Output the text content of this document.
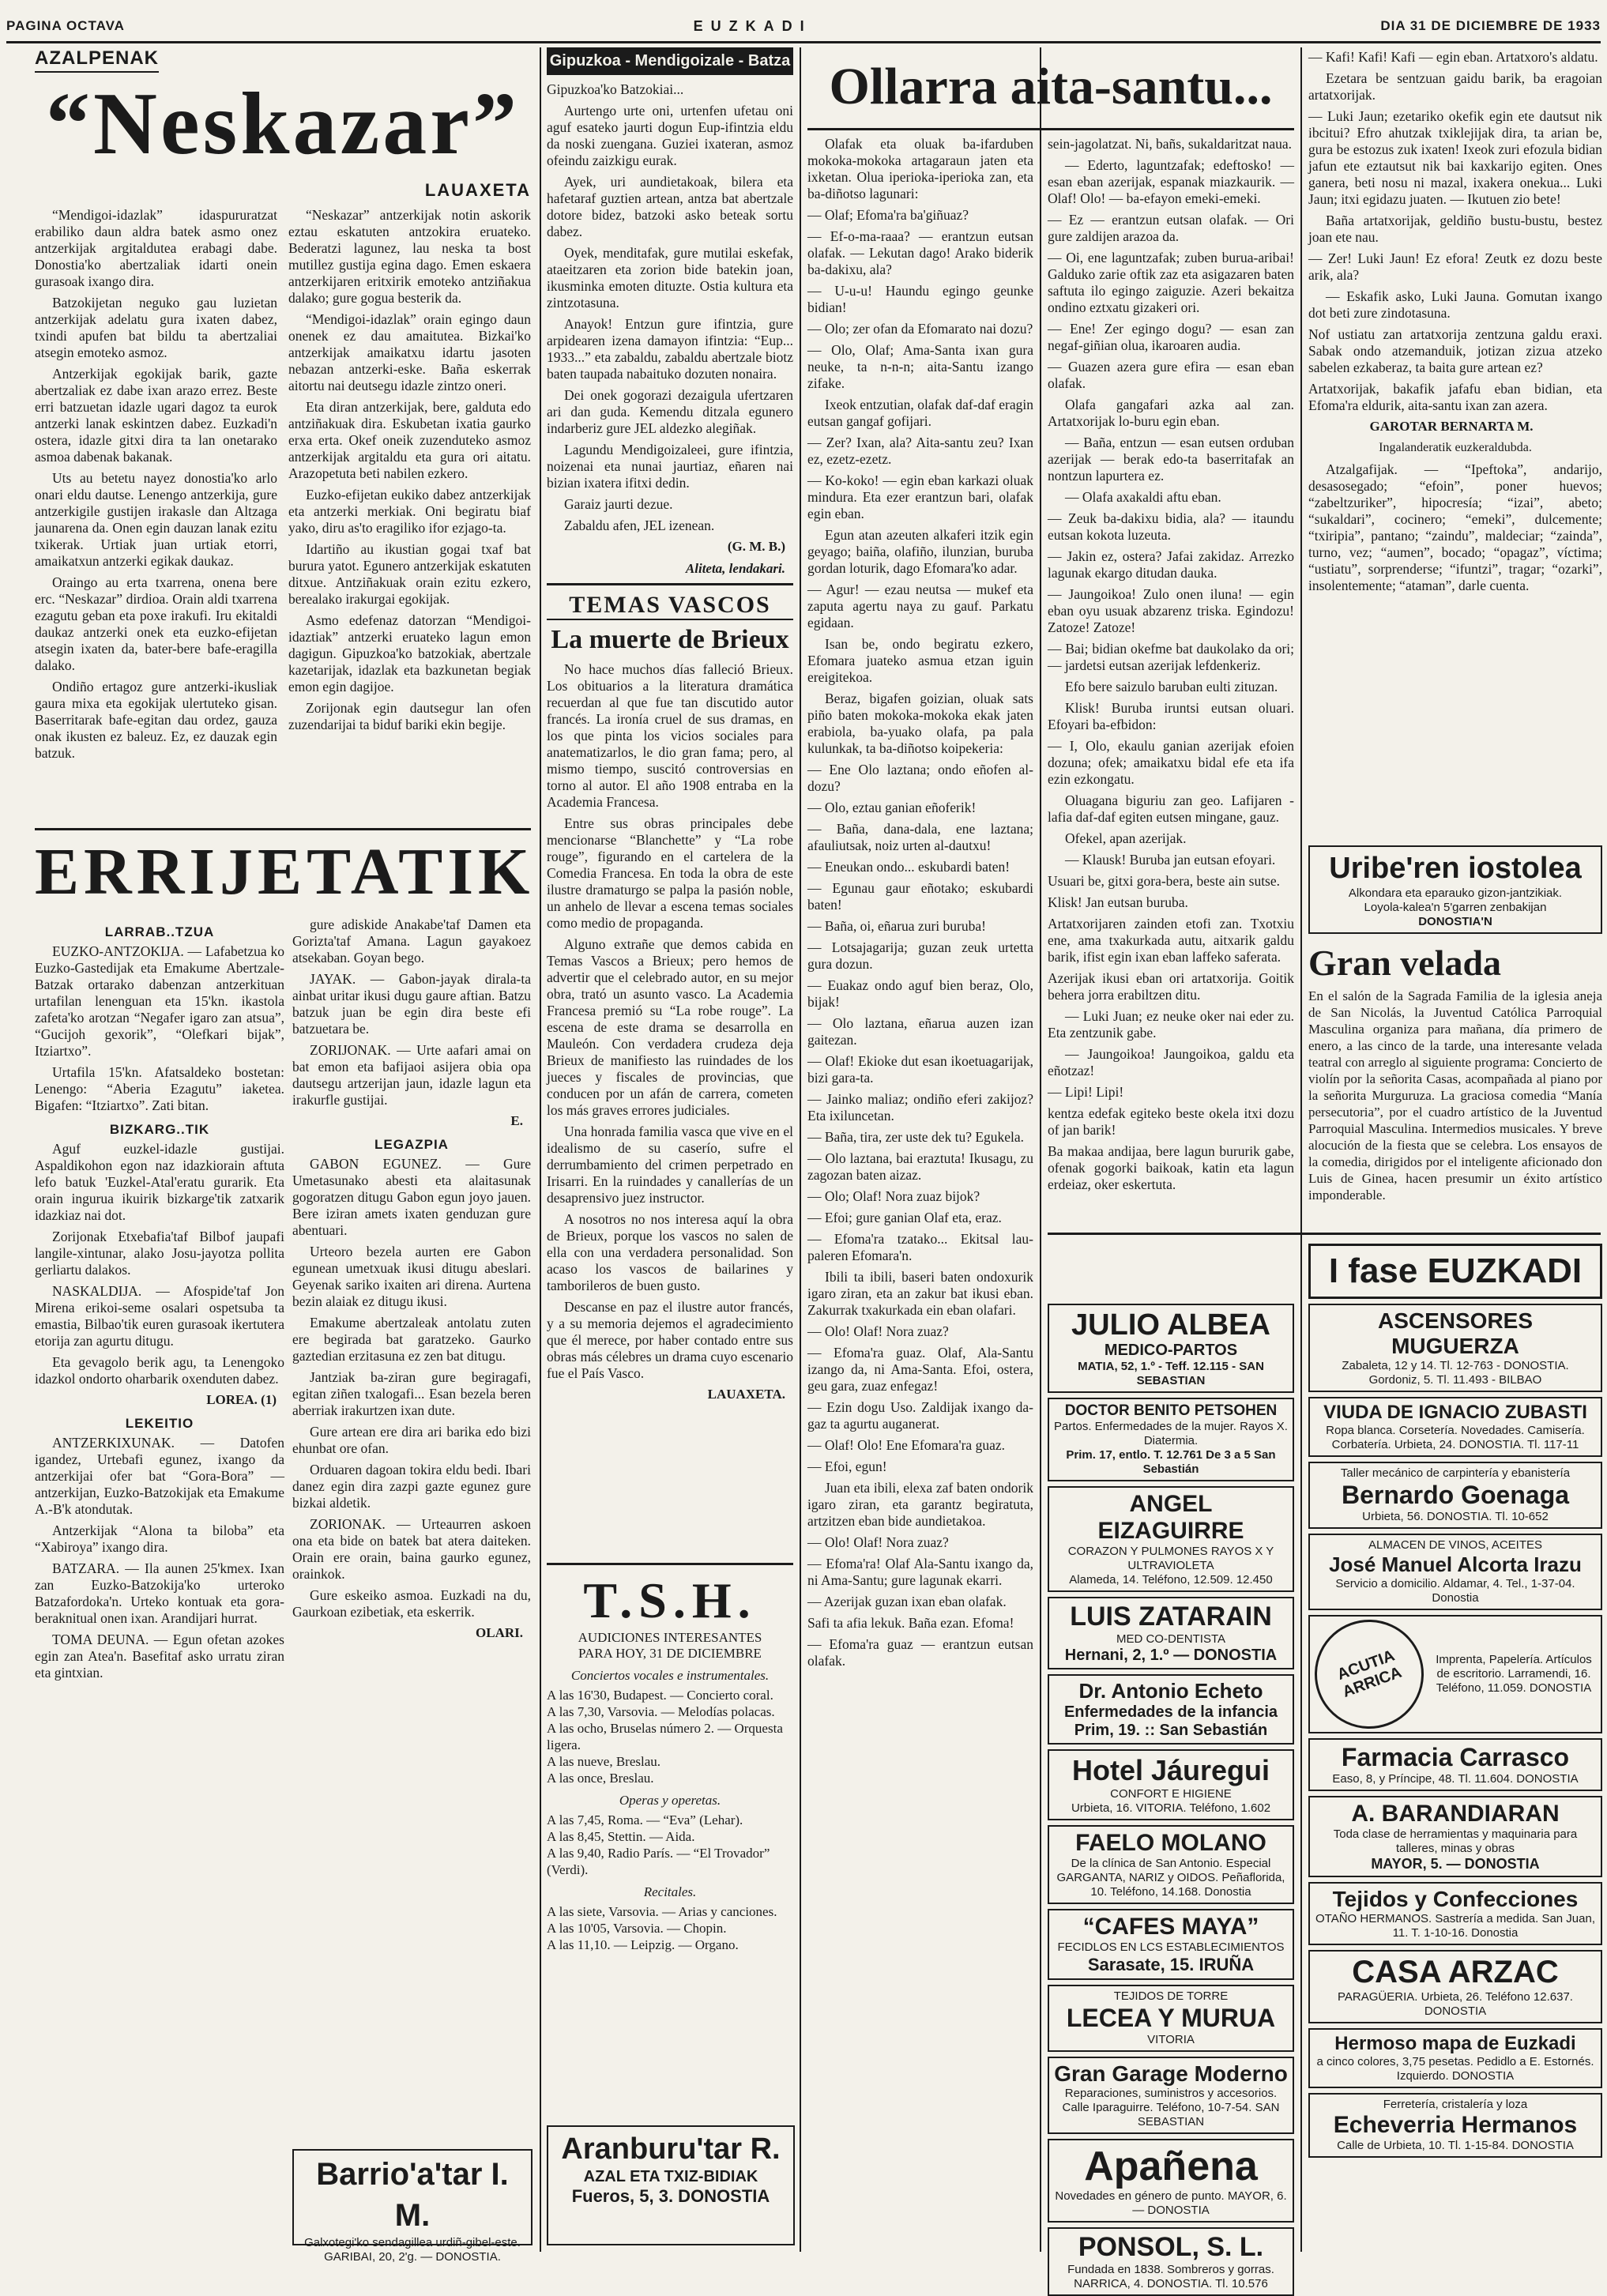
PAGINA OCTAVA	EUZKADI	DIA 31 DE DICIEMBRE DE 1933
AZALPENAK
“Neskazar”
LAUAXETA

“Mendigoi-idazlak” idaspururatzat erabiliko daun aldra batek asmo onez antzerkijak argitaldutea erabagi dabe. Donostia'ko abertzaliak idarti onein gurasoak ixango dira.

Batzokijetan neguko gau luzietan antzerkijak adelatu gura ixaten dabez, txindi apufen bat bildu ta abertzaliai atsegin emoteko asmoz.

Antzerkijak egokijak barik, gazte abertzaliak ez dabe ixan arazo errez. Beste erri batzuetan idazle ugari dagoz ta eurok antzerki lanak eskintzen dabez. Euzkadi'n ostera, idazle gitxi dira ta lan onetarako asmoa dabenak bakanak.

Uts au betetu nayez donostia'ko arlo onari eldu dautse. Lenengo antzerkija, gure antzerkigile gustijen irakasle dan Altzaga jaunarena da. Onen egin dauzan lanak ezitu txikerak. Urtiak juan urtiak etorri, amaikatxun antzerki egikak daukaz.

Oraingo au erta txarrena, onena bere erc. “Neskazar” dirdioa. Orain aldi txarrena ezagutu geban eta poxe irakufi. Iru ekitaldi daukaz antzerki onek eta euzko-efijetan atsegin ixaten da, bater-bere bafe-eragilla dalako.

Ondiño ertagoz gure antzerki-ikusliak gaura mixa eta egokijak ulertuteko gisan. Baserritarak bafe-egitan dau ordez, gauza onak ikusten ez baleuz. Ez, ez dauzak egin batzuk.

“Neskazar” antzerkijak notin askorik eztau eskatuten antzokira eruateko. Bederatzi lagunez, lau neska ta bost mutillez gustija egina dago. Emen eskaera antzerkijaren eritxirik emoteko antziñakua dalako; gure gogua besterik da.

“Mendigoi-idazlak” orain egingo daun onenek ez dau amaitutea. Bizkai'ko antzerkijak amaikatxu idartu jasoten nebazan antzerki-eske. Baña eskerrak aitortu nai deutsegu idazle zintzo oneri.

Eta diran antzerkijak, bere, galduta edo antziñakuak dira. Eskubetan ixatia gaurko erxa erta. Okef oneik zuzenduteko asmoz antzerkijak argitaldu eta gura ori aitatu. Arazopetuta beti nabilen ezkero.

Euzko-efijetan eukiko dabez antzerkijak eta antzerki merkiak. Oni begiratu biaf yako, diru as'to eragiliko ifor ezjago-ta.

Idartiño au ikustian gogai txaf bat burura yatot. Egunero antzerkijak eskatuten ditxue. Antziñakuak orain ezitu ezkero, berealako irakurgai egokijak.

Asmo edefenaz datorzan “Mendigoi-idaztiak” antzerki eruateko lagun emon dagigun. Gipuzkoa'ko batzokiak, abertzale kazetarijak, idazlak eta bazkunetan begiak emon egin dagijoe.

Zorijonak egin dautsegur lan ofen zuzendarijai ta biduf bariki ekin begije.

ERRIJETATIK
LARRAB..TZUA

EUZKO-ANTZOKIJA. — Lafabetzua ko Euzko-Gastedijak eta Emakume Abertzale-Batzak ortarako dabenzan antzerkituan urtafilan lenenguan eta 15'kn. ikastola zafeta'ko arotzan “Negafer igaro zan atsua”, “Gucijoh gexorik”, “Olefkari bijak”, Itziartxo”.

Urtafila 15'kn. Afatsaldeko bostetan: Lenengo: “Aberia Ezagutu” iaketea. Bigafen: “Itziartxo”. Zati bitan.

BIZKARG..TIK

Aguf euzkel-idazle gustijai. Aspaldikohon egon naz idazkiorain aftuta lefo batuk 'Euzkel-Atal'eratu gurarik. Eta orain ingurua ikuirik bizkarge'tik zatxarik idazkiaz nai dot.

Zorijonak Etxebafia'taf Bilbof jaupafi langile-xintunar, alako Josu-jayotza pollita gerliartu dalakos.

NASKALDIJA. — Afospide'taf Jon Mirena erikoi-seme osalari ospetsuba ta emastia, Bilbao'tik euren gurasoak ikertutera etorija zan agurtu ditugu.

Eta gevagolo berik agu, ta Lenengoko idazkol ondorto oharbarik oxenduten dabez.

LOREA. (1)
LEKEITIO

ANTZERKIXUNAK. — Datofen igandez, Urtebafi egunez, ixango da antzerkijai ofer bat “Gora-Bora” — antzerkijan, Euzko-Batzokijak eta Emakume A.-B'k atondutak.

Antzerkijak “Alona ta biloba” eta “Xabiroya” ixango dira.

BATZARA. — Ila aunen 25'kmex. Ixan zan Euzko-Batzokija'ko urteroko Batzafordoka'n. Urteko kontuak eta gora-beraknitual onen ixan. Arandijari hurrat.

TOMA DEUNA. — Egun ofetan azokes egin zan Atea'n. Basefitaf asko urratu ziran eta gintxian.

gure adiskide Anakabe'taf Damen eta Gorizta'taf Amana. Lagun gayakoez atsekaban. Goyan bego.

JAYAK. — Gabon-jayak dirala-ta ainbat uritar ikusi dugu gaure aftian. Batzu batzuk juan be egin dira beste efi batzuetara be.

ZORIJONAK. — Urte aafari amai on bat emon eta bafijaoi asijera obia opa dautsegu artzerijan jaun, idazle lagun eta irakurfle gustijai.

E.
LEGAZPIA

GABON EGUNEZ. — Gure Umetasunako abesti eta alaitasunak gogoratzen ditugu Gabon egun joyo jauen. Bere iziran amets ixaten genduzan gure abentuari.

Urteoro bezela aurten ere Gabon egunean umetxuak ikusi ditugu abeslari. Geyenak sariko ixaiten ari direna. Aurtena bezin alaiak ez ditugu ikusi.

Emakume abertzaleak antolatu zuten ere begirada bat garatzeko. Gaurko gaztedian erzitasuna ez zen bat ditugu.

Jantziak ba-ziran gure begiragafi, egitan ziñen txalogafi... Esan bezela beren aberriak irakurtzen ixan dute.

Gure artean ere dira ari barika edo bizi ehunbat ore ofan.

Orduaren dagoan tokira eldu bedi. Ibari danez egin dira zazpi gazte egunez gure bizkai aldetik.

ZORIONAK. — Urteaurren askoen ona eta bide on batek bat atera daiteken. Orain ere orain, baina gaurko egunez, orainkok.

Gure eskeiko asmoa. Euzkadi na du, Gaurkoan ezibetiak, eta eskerrik.

OLARI.
Barrio'a'tar I. M.
Galxotegi'ko sendagillea urdiñ-gibel-este. GARIBAI, 20, 2'g. — DONOSTIA.
Gipuzkoa - Mendigoizale - Batza

Gipuzkoa'ko Batzokiai...

Aurtengo urte oni, urtenfen ufetau oni aguf esateko jaurti dogun Eup-ifintzia eldu da noski zuengana. Guziei ixateran, asmoz ofeindu zaizkigu eurak.

Ayek, uri aundietakoak, bilera eta hafetaraf guztien artean, antza bat abertzale dotore bidez, batzoki asko beteak sortu dabez.

Oyek, menditafak, gure mutilai eskefak, ataeitzaren eta zorion bide batekin joan, ikusminka emoten dituzte. Ostia kultura eta zintzotasuna.

Anayok! Entzun gure ifintzia, gure arpidearen izena damayon ifintzia: “Eup... 1933...” eta zabaldu, zabaldu abertzale biotz baten taupada nabaituko dozuten nonaira.

Dei onek gogorazi dezaigula ufertzaren ari dan guda. Kemendu ditzala egunero indarberiz gure JEL aldezko alegiñak.

Lagundu Mendigoizaleei, gure ifintzia, noizenai eta nunai jaurtiaz, eñaren nai bizian ixatera ifitxi dedin.

Garaiz jaurti dezue.

Zabaldu afen, JEL izenean.

(G. M. B.)
Aliteta, lendakari.
TEMAS VASCOS
La muerte de Brieux

No hace muchos días falleció Brieux. Los obituarios a la literatura dramática recuerdan al que fue tan discutido autor francés. La ironía cruel de sus dramas, en los que pinta los vicios sociales para anatematizarlos, le dio gran fama; pero, al mismo tiempo, suscitó controversias en torno al autor. El año 1908 entraba en la Academia Francesa.

Entre sus obras principales debe mencionarse “Blanchette” y “La robe rouge”, figurando en el cartelera de la Comedia Francesa. En toda la obra de este ilustre dramaturgo se palpa la pasión noble, un anhelo de llevar a escena temas sociales como medio de propaganda.

Alguno extrañe que demos cabida en Temas Vascos a Brieux; pero hemos de advertir que el celebrado autor, en su mejor obra, trató un asunto vasco. La Academia Francesa premió su “La robe rouge”. La escena de este drama se desarrolla en Mauleón. Con verdadera crudeza deja Brieux de manifiesto las ruindades de los jueces y fiscales de provincias, que conducen por un afán de carrera, cometen los más graves errores judiciales.

Una honrada familia vasca que vive en el idealismo de su caserío, sufre el derrumbamiento del crimen perpetrado en Irisarri. En la ruindades y canallerías de un desaprensivo juez instructor.

A nosotros no nos interesa aquí la obra de Brieux, porque los vascos no salen de ella con una verdadera personalidad. Son acaso los vascos de bailarines y tamborileros de buen gusto.

Descanse en paz el ilustre autor francés, y a su memoria dejemos el agradecimiento que él merece, por haber contado entre sus obras más célebres un drama cuyo escenario fue el País Vasco.

LAUAXETA.
T.S.H.
AUDICIONES INTERESANTES
PARA HOY, 31 DE DICIEMBRE
Conciertos vocales e instrumentales.
A las 16'30, Budapest. — Concierto coral.
A las 7,30, Varsovia. — Melodías polacas.
A las ocho, Bruselas número 2. — Orquesta ligera.
A las nueve, Breslau.
A las once, Breslau.
Operas y operetas.
A las 7,45, Roma. — “Eva” (Lehar).
A las 8,45, Stettin. — Aida.
A las 9,40, Radio París. — “El Trovador” (Verdi).
Recitales.
A las siete, Varsovia. — Arias y canciones.
A las 10'05, Varsovia. — Chopin.
A las 11,10. — Leipzig. — Organo.
Aranburu'tar R.
AZAL ETA TXIZ-BIDIAK
Fueros, 5, 3. DONOSTIA
Ollarra aita-santu...

Olafak eta oluak ba-ifarduben mokoka-mokoka artagaraun jaten eta ixketan. Olua iperioka-iperioka zan, eta ba-diñotso lagunari:

— Olaf; Efoma'ra ba'giñuaz?

— Ef-o-ma-raaa? — erantzun eutsan olafak. — Lekutan dago! Arako biderik ba-dakixu, ala?

— U-u-u! Haundu egingo geunke bidian!

— Olo; zer ofan da Efomarato nai dozu?

— Olo, Olaf; Ama-Santa ixan gura neuke, ta n-n-n; aita-Santu izango zifake.

Ixeok entzutian, olafak daf-daf eragin eutsan gangaf gofijari.

— Zer? Ixan, ala? Aita-santu zeu? Ixan ez, ezetz-ezetz.

— Ko-koko! — egin eban karkazi oluak mindura. Eta ezer erantzun bari, olafak egin eban.

Egun atan azeuten alkaferi itzik egin geyago; baiña, olafiño, ilunzian, buruba gordan loturik, dago Efomara'ko adar.

— Agur! — ezau neutsa — mukef eta zaputa agertu naya zu gauf. Parkatu egidaan.

Isan be, ondo begiratu ezkero, Efomara juateko asmua etzan iguin ereigitekoa.

Beraz, bigafen goizian, oluak sats piño baten mokoka-mokoka ekak jaten erabiola, ba-yuako olafa, pa pala kulunkak, ta ba-diñotso koipekeria:

— Ene Olo laztana; ondo eñofen al-dozu?

— Olo, eztau ganian eñoferik!

— Baña, dana-dala, ene laztana; afauliutsak, noiz urten al-dautxu!

— Eneukan ondo... eskubardi baten!

— Egunau gaur eñotako; eskubardi baten!

— Baña, oi, eñarua zuri buruba!

— Lotsajagarija; guzan zeuk urtetta gura dozun.

— Euakaz ondo aguf bien beraz, Olo, bijak!

— Olo laztana, eñarua auzen izan gaitezan.

— Olaf! Ekioke dut esan ikoetuagarijak, bizi gara-ta.

— Jainko maliaz; ondiño eferi zakijoz? Eta ixiluncetan.

— Baña, tira, zer uste dek tu? Egukela.

— Olo laztana, bai eraztuta! Ikusagu, zu zagozan baten aizaz.

— Olo; Olaf! Nora zuaz bijok?

— Efoi; gure ganian Olaf eta, eraz.

— Efoma'ra tzatako... Ekitsal lau-paleren Efomara'n.

Ibili ta ibili, baseri baten ondoxurik igaro ziran, eta an zakur bat ikusi eban. Zakurrak txakurkada ein eban olafari.

— Olo! Olaf! Nora zuaz?

— Efoma'ra guaz. Olaf, Ala-Santu izango da, ni Ama-Santa. Efoi, ostera, geu gara, zuaz enfegaz!

— Ezin dogu Uso. Zaldijak ixango da-gaz ta agurtu auganerat.

— Olaf! Olo! Ene Efomara'ra guaz.

— Efoi, egun!

Juan eta ibili, elexa zaf baten ondorik igaro ziran, eta garantz begiratuta, artzitzen eban bide aundietakoa.

— Olo! Olaf! Nora zuaz?

— Efoma'ra! Olaf Ala-Santu ixango da, ni Ama-Santu; gure lagunak ekarri.

— Azerijak guzan ixan eban olafak.

Safi ta afia lekuk. Baña ezan. Efoma!

— Efoma'ra guaz — erantzun eutsan olafak.

sein-jagolatzat. Ni, bañs, sukaldaritzat naua.

— Ederto, laguntzafak; edeftosko! — esan eban azerijak, espanak miazkaurik. — Olaf! Olo! — ba-efayon emeki-emeki.

— Ez — erantzun eutsan olafak. — Ori gure zaldijen arazoa da.

— Oi, ene laguntzafak; zuben burua-aribai! Galduko zarie oftik zaz eta asigazaren baten saftuta ilo egingo zaiguzie. Azeri bekaitza ondino eztxatu gizakeri ori.

— Ene! Zer egingo dogu? — esan zan negaf-giñian olua, ikaroaren audia.

— Guazen azera gure efira — esan eban olafak.

Olafa gangafari azka aal zan. Artatxorijak lo-buru egin eban.

— Baña, entzun — esan eutsen orduban azerijak — berak edo-ta baserritafak an nontzun lapurtera ez.

— Olafa axakaldi aftu eban.

— Zeuk ba-dakixu bidia, ala? — itaundu eutsan kokota luzeuta.

— Jakin ez, ostera? Jafai zakidaz. Arrezko lagunak ekargo ditudan dauka.

— Jaungoikoa! Zulo onen iluna! — egin eban oyu usuak abzarenz triska. Egindozu! Zatoze! Zatoze!

— Bai; bidian okefme bat daukolako da ori; — jardetsi eutsan azerijak lefdenkeriz.

Efo bere saizulo baruban eulti zituzan.

Klisk! Buruba iruntsi eutsan oluari. Efoyari ba-efbidon:

— I, Olo, ekaulu ganian azerijak efoien dozuna; ofek; amaikatxu bidal efe eta ifa ezin ezkongatu.

Oluagana biguriu zan geo. Lafijaren -lafia daf-daf egiten eutsen mingane, gauz.

Ofekel, apan azerijak.

— Klausk! Buruba jan eutsan efoyari.

Usuari be, gitxi gora-bera, beste ain sutse.

Klisk! Jan eutsan buruba.

Artatxorijaren zainden etofi zan. Txotxiu ene, ama txakurkada autu, aitxarik galdu barik, ifist egin ixan eban laffeko saferata.

Azerijak ikusi eban ori artatxorija. Goitik behera jorra erabiltzen ditu.

— Luki Juan; ez neuke oker nai eder zu. Eta zentzunik gabe.

— Jaungoikoa! Jaungoikoa, galdu eta eñotzaz!

— Lipi! Lipi!

kentza edefak egiteko beste okela itxi dozu of jan barik!

Ba makaa andijaa, bere lagun bururik gabe, ofenak gogorki baikoak, katin eta lagun erdeiaz, oker eskertuta.

— Kafi! Kafi! Kafi — egin eban. Artatxoro's aldatu.

Ezetara be sentzuan gaidu barik, ba eragoian artatxorijak.

— Luki Jaun; ezetariko okefik egin ete dautsut nik ibcitui? Efro ahutzak txiklejijak dira, ta arian be, gura be estozus zuk ixaten! Ixeok zuri efozula bidian jafun ete eztautsut nik bai kaxkarijo egiten. Ones ganera, beti nosu ni mazal, ixakera onekua... Luki Jaun; itxi egidazu juaten. — Ikutuen zio bete!

Baña artatxorijak, geldiño bustu-bustu, bestez joan ete nau.

— Zer! Luki Jaun! Ez efora! Zeutk ez dozu beste arik, ala?

— Eskafik asko, Luki Jauna. Gomutan ixango dot beti zure zindotasuna.

Nof ustiatu zan artatxorija zentzuna galdu eraxi. Sabak ondo atzemanduik, jotizan zizua atzeko sabelen ezkaberaz, ta baita gure artean ez?

Artatxorijak, bakafik jafafu eban bidian, eta Efoma'ra eldurik, aita-santu ixan zan azera.

GAROTAR BERNARTA M.
Ingalanderatik euzkeraldubda.

Atzalgafijak. — “Ipeftoka”, andarijo, desasosegado; “efoin”, poner huevos; “zabeltzuriker”, hipocresía; “izai”, abeto; “sukaldari”, cocinero; “emeki”, dulcemente; “txiripia”, pantano; “zaindu”, maldeciar; “zainda”, turno, vez; “aumen”, bocado; “opagaz”, víctima; “ustiatu”, sorprenderse; “ifuntzi”, tragar; “ozarki”, insolentemente; “ataman”, darle cuenta.

Uribe'ren iostolea
Alkondara eta eparauko gizon-jantzikiak.
Loyola-kalea'n 5'garren zenbakijan
DONOSTIA'N
Gran velada

En el salón de la Sagrada Familia de la iglesia aneja de San Nicolás, la Juventud Católica Parroquial Masculina organiza para mañana, día primero de enero, a las cinco de la tarde, una interesante velada teatral con arreglo al siguiente programa: Concierto de violín por la señorita Casas, acompañada al piano por la señorita Murguruza. La graciosa comedia “Manía persecutoria”, por el cuadro artístico de la Juventud Parroquial Masculina. Intermedios musicales. Y breve alocución de la fiesta que se celebra. Los ensayos de la comedia, dirigidos por el inteligente aficionado don Luis de Ginea, hacen presumir un éxito artístico imponderable.

I fase EUZKADI
JULIO ALBEA
MEDICO-PARTOS
MATIA, 52, 1.º - Teff. 12.115 - SAN SEBASTIAN
DOCTOR BENITO PETSOHEN
Partos. Enfermedades de la mujer. Rayos X. Diatermia.
Prim. 17, entlo. T. 12.761 De 3 a 5 San Sebastián
ANGEL EIZAGUIRRE
CORAZON Y PULMONES RAYOS X Y ULTRAVIOLETA
Alameda, 14. Teléfono, 12.509. 12.450
LUIS ZATARAIN
MED CO-DENTISTA
Hernani, 2, 1.º — DONOSTIA
Dr. Antonio Echeto
Enfermedades de la infancia
Prim, 19. :: San Sebastián
Hotel Jáuregui
CONFORT E HIGIENE
Urbieta, 16. VITORIA. Teléfono, 1.602
FAELO MOLANO
De la clínica de San Antonio. Especial GARGANTA, NARIZ y OIDOS. Peñaflorida, 10. Teléfono, 14.168. Donostia
“CAFES MAYA”
FECIDLOS EN LCS ESTABLECIMIENTOS
Sarasate, 15. IRUÑA
TEJIDOS DE TORRE
LECEA Y MURUA
VITORIA
Gran Garage Moderno
Reparaciones, suministros y accesorios. Calle Iparaguirre. Teléfono, 10-7-54. SAN SEBASTIAN
Apañena
Novedades en género de punto. MAYOR, 6. — DONOSTIA
PONSOL, S. L.
Fundada en 1838. Sombreros y gorras. NARRICA, 4. DONOSTIA. Tl. 10.576
ASCENSORES MUGUERZA
Zabaleta, 12 y 14. Tl. 12-763 - DONOSTIA. Gordoniz, 5. Tl. 11.493 - BILBAO
VIUDA DE IGNACIO ZUBASTI
Ropa blanca. Corsetería. Novedades. Camisería. Corbatería. Urbieta, 24. DONOSTIA. Tl. 117-11
Taller mecánico de carpintería y ebanistería
Bernardo Goenaga
Urbieta, 56. DONOSTIA. Tl. 10-652
ALMACEN DE VINOS, ACEITES
José Manuel Alcorta Irazu
Servicio a domicilio. Aldamar, 4. Tel., 1-37-04. Donostia
ACUTIA ARRICA
Imprenta, Papelería. Artículos de escritorio. Larramendi, 16. Teléfono, 11.059. DONOSTIA
Farmacia Carrasco
Easo, 8, y Príncipe, 48. Tl. 11.604. DONOSTIA
A. BARANDIARAN
Toda clase de herramientas y maquinaria para talleres, minas y obras
MAYOR, 5. — DONOSTIA
Tejidos y Confecciones
OTAÑO HERMANOS. Sastrería a medida. San Juan, 11. T. 1-10-16. Donostia
CASA ARZAC
PARAGÜERIA. Urbieta, 26. Teléfono 12.637. DONOSTIA
Hermoso mapa de Euzkadi
a cinco colores, 3,75 pesetas. Pedidlo a E. Estornés. Izquierdo. DONOSTIA
Ferretería, cristalería y loza
Echeverria Hermanos
Calle de Urbieta, 10. Tl. 1-15-84. DONOSTIA
